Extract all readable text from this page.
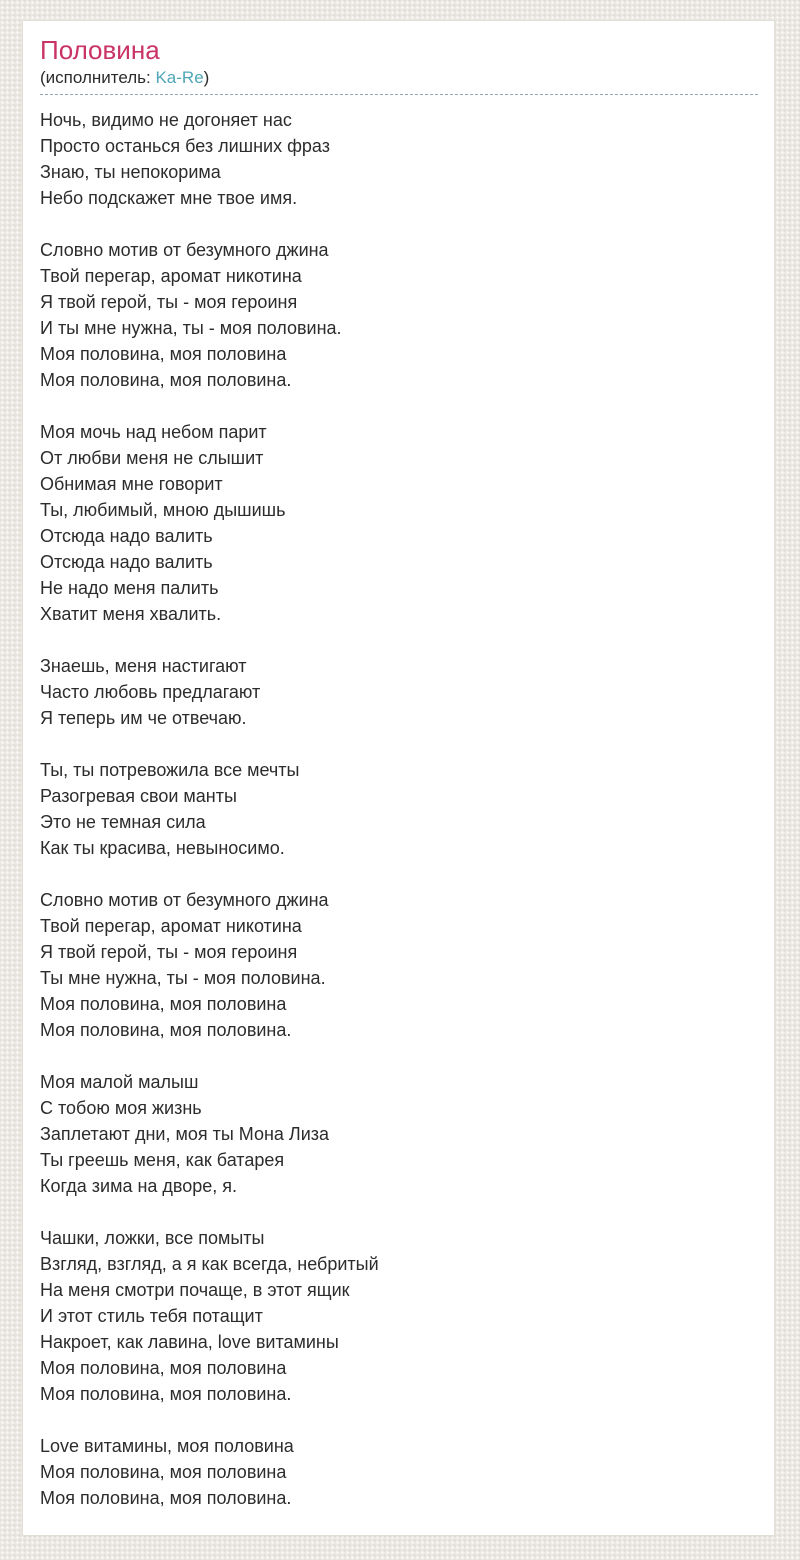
Половина
(исполнитель: Ka-Re)

Ночь, видимо не догоняет нас
Просто останься без лишних фраз
Знаю, ты непокорима
Небо подскажет мне твое имя.

Словно мотив от безумного джина
Твой перегар, аромат никотина
Я твой герой, ты - моя героиня
И ты мне нужна, ты - моя половина.
Моя половина, моя половина
Моя половина, моя половина.

Моя мочь над небом парит
От любви меня не слышит
Обнимая мне говорит
Ты, любимый, мною дышишь
Отсюда надо валить
Отсюда надо валить
Не надо меня палить
Хватит меня хвалить.

Знаешь, меня настигают
Часто любовь предлагают
Я теперь им че отвечаю.

Ты, ты потревожила все мечты
Разогревая свои манты
Это не темная сила
Как ты красива, невыносимо.

Словно мотив от безумного джина
Твой перегар, аромат никотина
Я твой герой, ты - моя героиня
Ты мне нужна, ты - моя половина.
Моя половина, моя половина
Моя половина, моя половина.

Моя малой малыш
С тобою моя жизнь
Заплетают дни, моя ты Мона Лиза
Ты греешь меня, как батарея
Когда зима на дворе, я.

Чашки, ложки, все помыты
Взгляд, взгляд, а я как всегда, небритый
На меня смотри почаще, в этот ящик
И этот стиль тебя потащит
Накроет, как лавина, love витамины
Моя половина, моя половина
Моя половина, моя половина.

Love витамины, моя половина
Моя половина, моя половина
Моя половина, моя половина.
